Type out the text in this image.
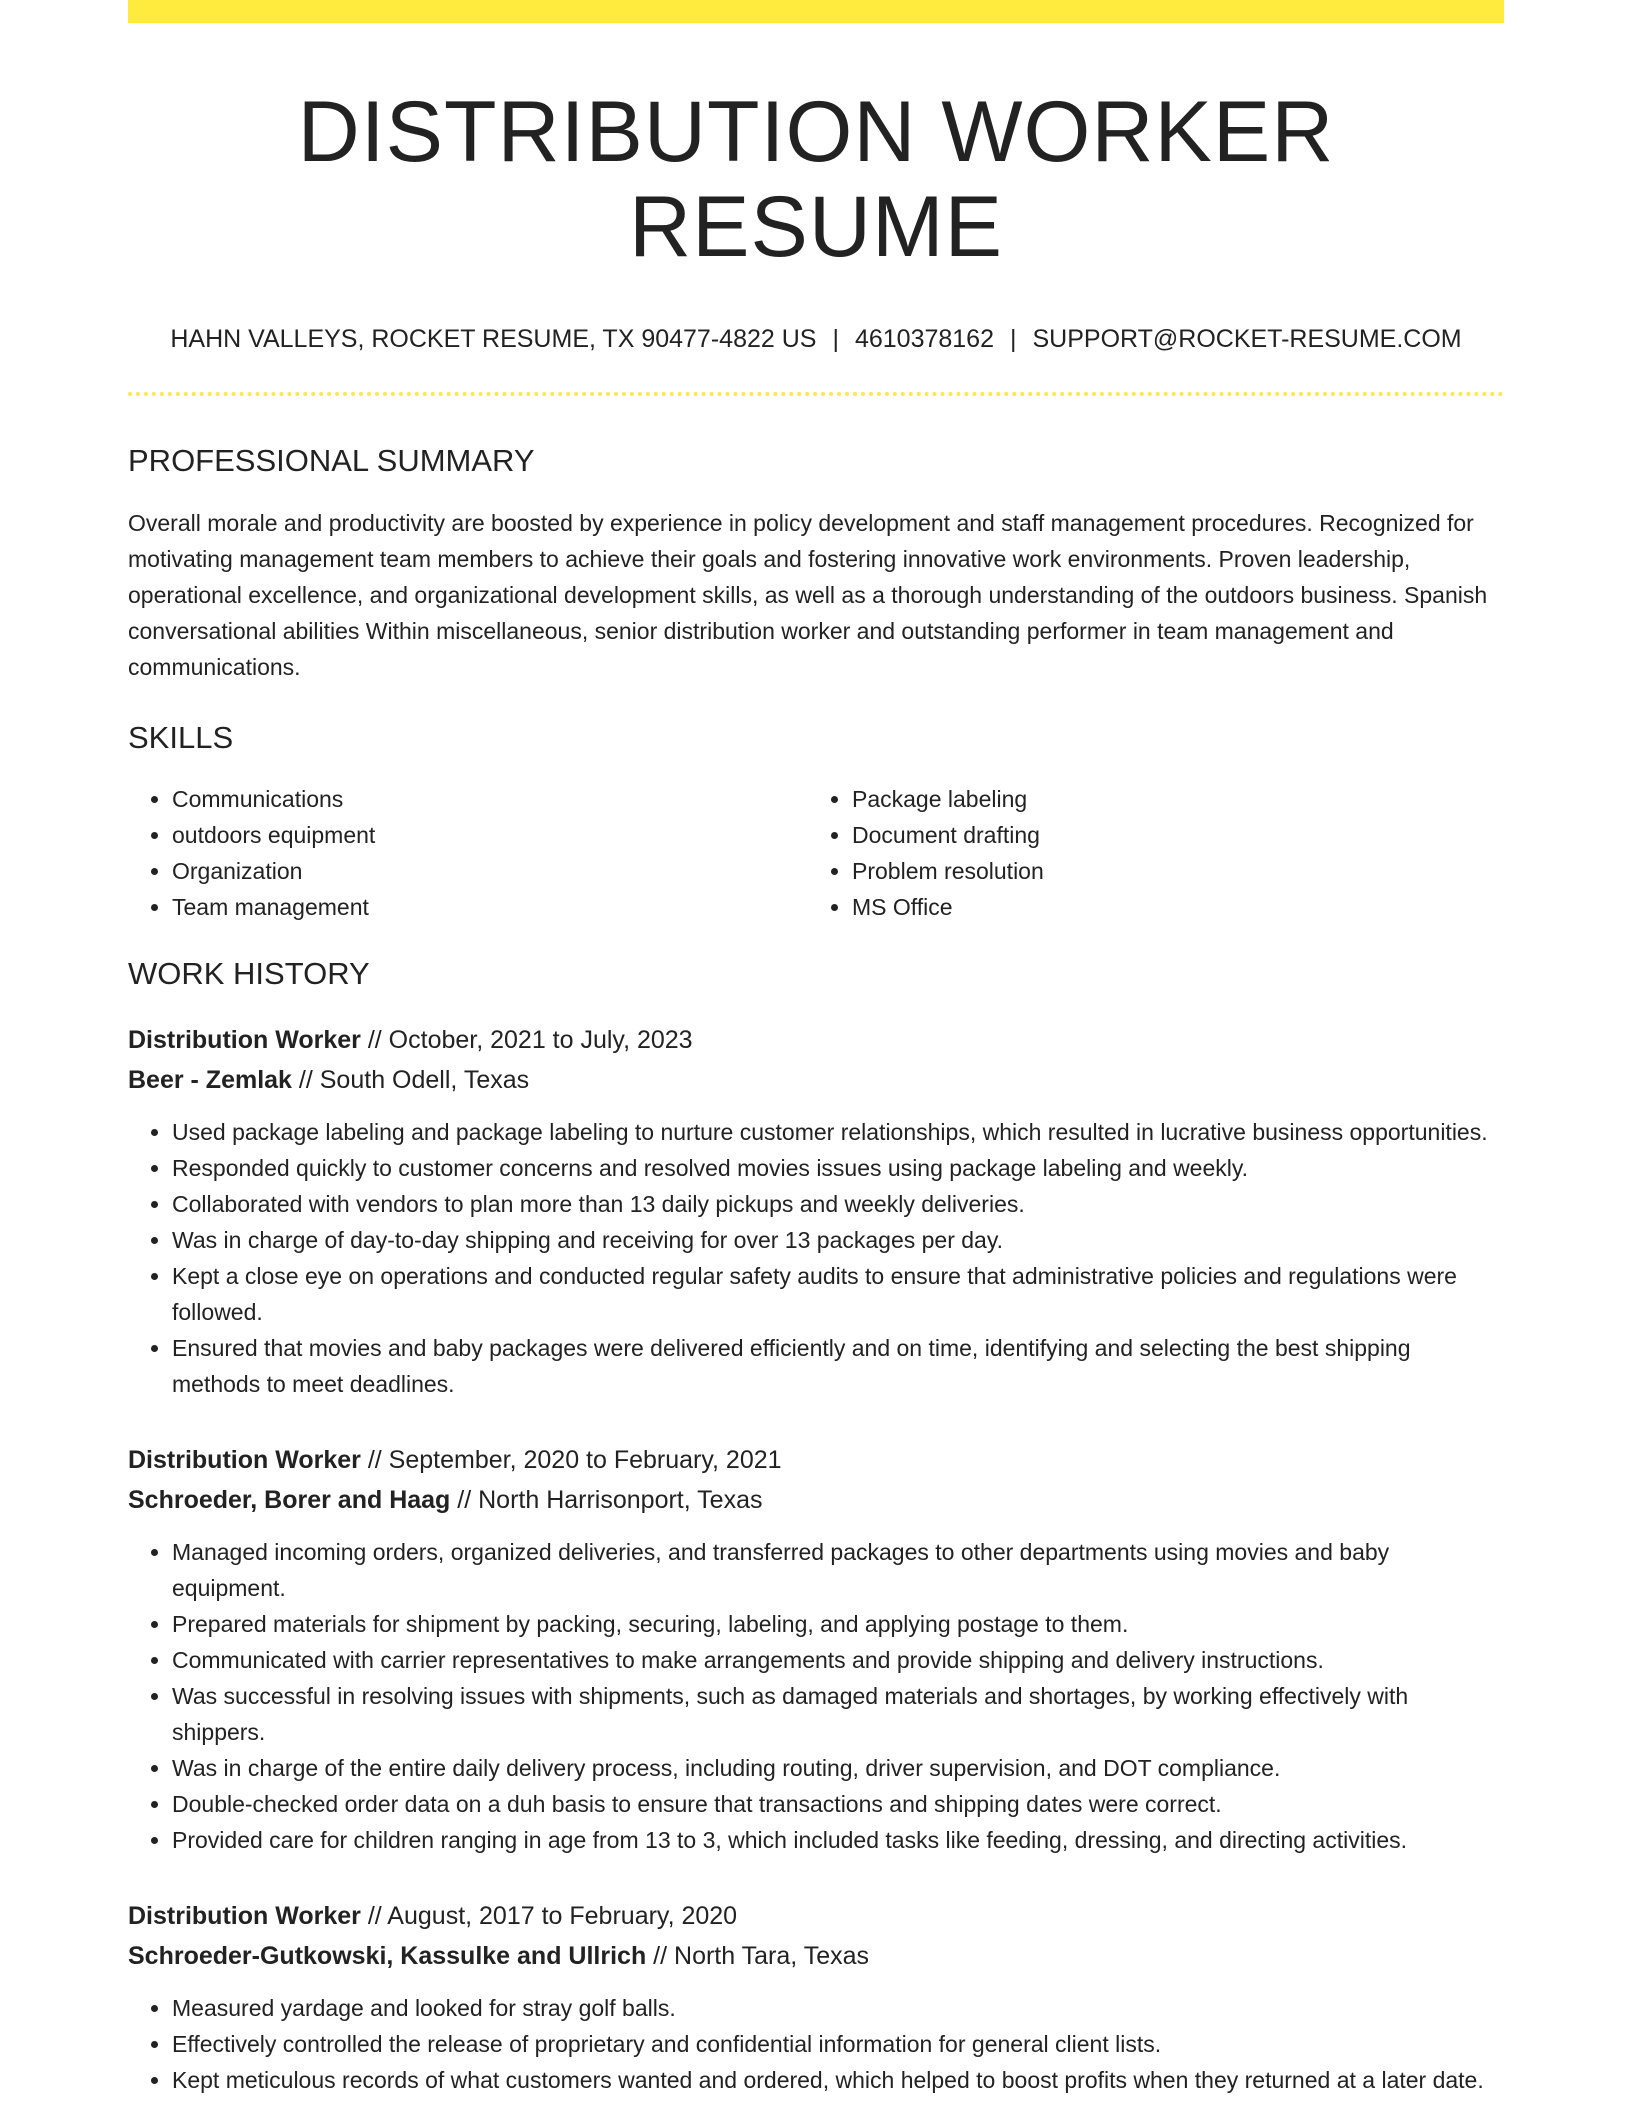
DISTRIBUTION WORKER RESUME
HAHN VALLEYS, ROCKET RESUME, TX 90477-4822 US | 4610378162 | SUPPORT@ROCKET-RESUME.COM
PROFESSIONAL SUMMARY

Overall morale and productivity are boosted by experience in policy development and staff management procedures. Recognized for motivating management team members to achieve their goals and fostering innovative work environments. Proven leadership, operational excellence, and organizational development skills, as well as a thorough understanding of the outdoors business. Spanish conversational abilities Within miscellaneous, senior distribution worker and outstanding performer in team management and communications.

SKILLS
• Communications
• outdoors equipment
• Organization
• Team management
• Package labeling
• Document drafting
• Problem resolution
• MS Office
WORK HISTORY
Distribution Worker // October, 2021 to July, 2023
Beer - Zemlak // South Odell, Texas
• Used package labeling and package labeling to nurture customer relationships, which resulted in lucrative business opportunities.
• Responded quickly to customer concerns and resolved movies issues using package labeling and weekly.
• Collaborated with vendors to plan more than 13 daily pickups and weekly deliveries.
• Was in charge of day-to-day shipping and receiving for over 13 packages per day.
• Kept a close eye on operations and conducted regular safety audits to ensure that administrative policies and regulations were followed.
• Ensured that movies and baby packages were delivered efficiently and on time, identifying and selecting the best shipping methods to meet deadlines.
Distribution Worker // September, 2020 to February, 2021
Schroeder, Borer and Haag // North Harrisonport, Texas
• Managed incoming orders, organized deliveries, and transferred packages to other departments using movies and baby equipment.
• Prepared materials for shipment by packing, securing, labeling, and applying postage to them.
• Communicated with carrier representatives to make arrangements and provide shipping and delivery instructions.
• Was successful in resolving issues with shipments, such as damaged materials and shortages, by working effectively with shippers.
• Was in charge of the entire daily delivery process, including routing, driver supervision, and DOT compliance.
• Double-checked order data on a duh basis to ensure that transactions and shipping dates were correct.
• Provided care for children ranging in age from 13 to 3, which included tasks like feeding, dressing, and directing activities.
Distribution Worker // August, 2017 to February, 2020
Schroeder-Gutkowski, Kassulke and Ullrich // North Tara, Texas
• Measured yardage and looked for stray golf balls.
• Effectively controlled the release of proprietary and confidential information for general client lists.
• Kept meticulous records of what customers wanted and ordered, which helped to boost profits when they returned at a later date.
